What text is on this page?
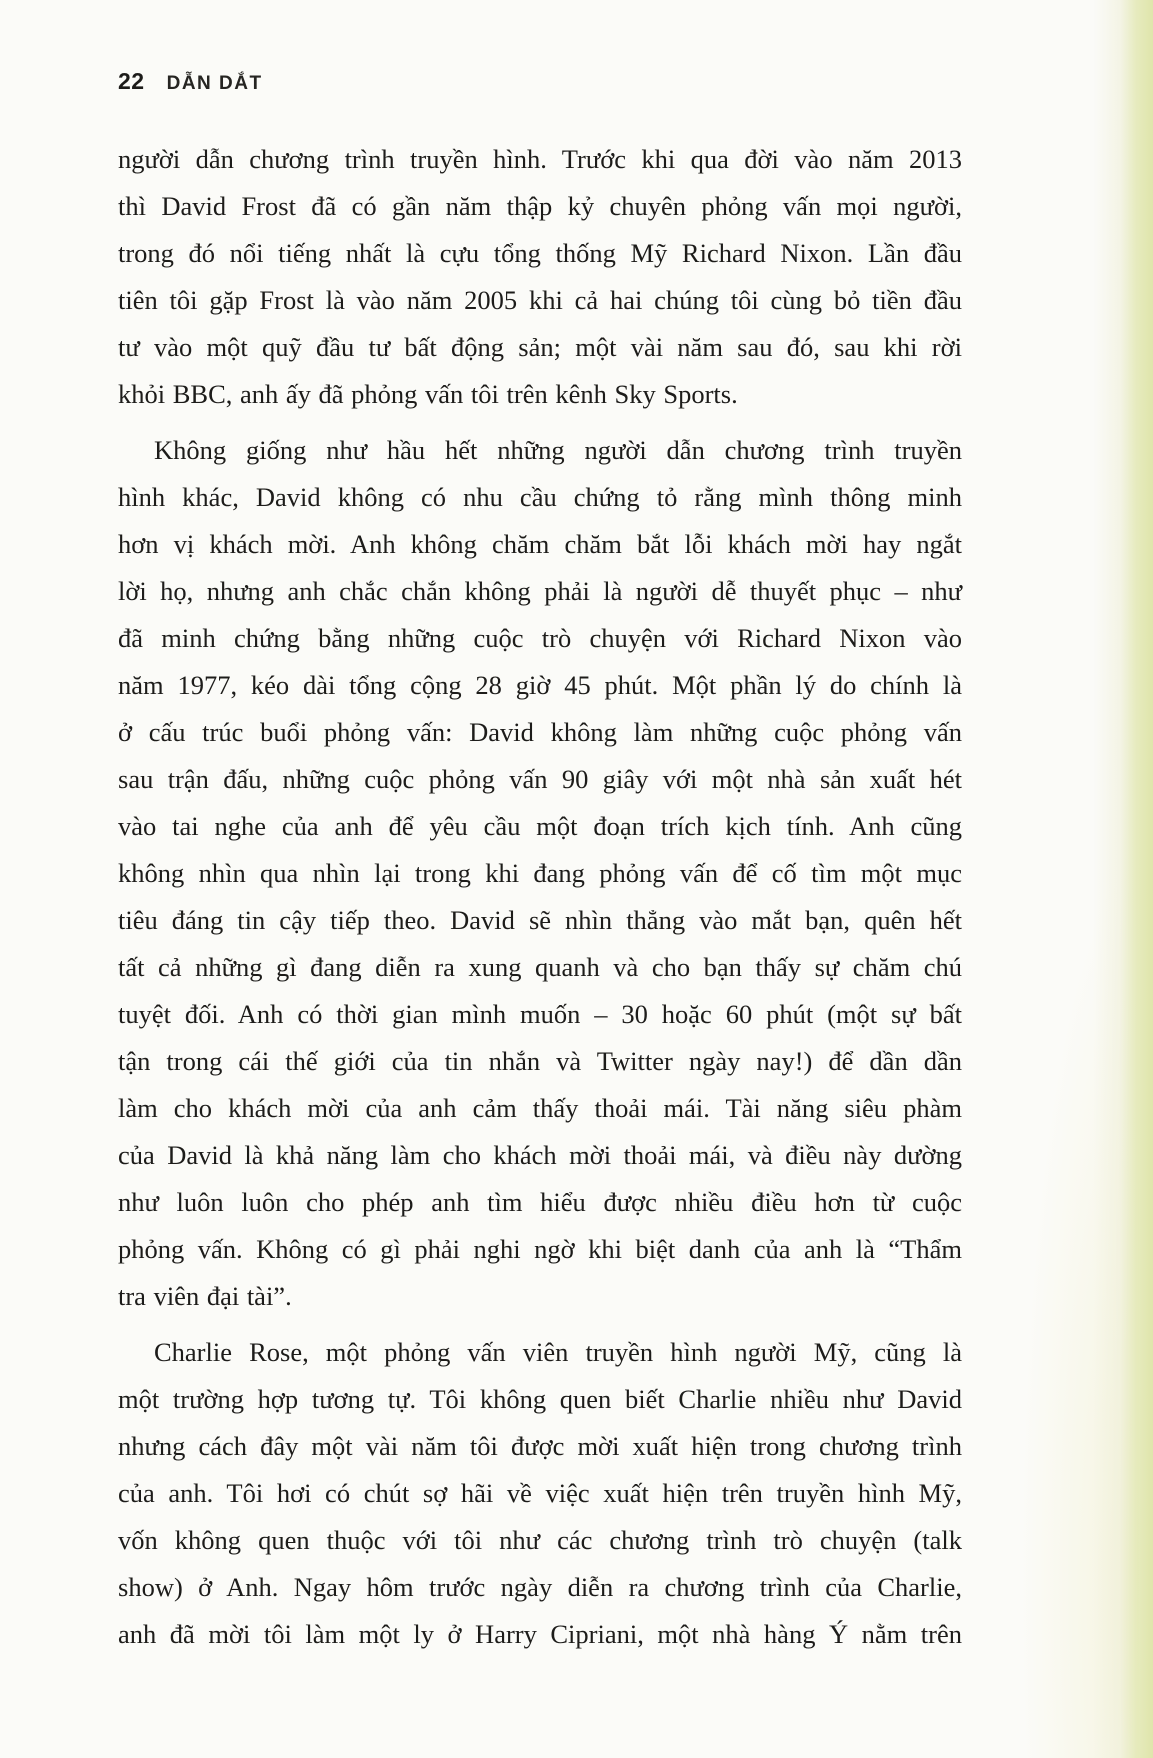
22 DẪN DẮT

người dẫn chương trình truyền hình. Trước khi qua đời vào năm 2013
thì David Frost đã có gần năm thập kỷ chuyên phỏng vấn mọi người,
trong đó nổi tiếng nhất là cựu tổng thống Mỹ Richard Nixon. Lần đầu
tiên tôi gặp Frost là vào năm 2005 khi cả hai chúng tôi cùng bỏ tiền đầu
tư vào một quỹ đầu tư bất động sản; một vài năm sau đó, sau khi rời
khỏi BBC, anh ấy đã phỏng vấn tôi trên kênh Sky Sports.

Không giống như hầu hết những người dẫn chương trình truyền
hình khác, David không có nhu cầu chứng tỏ rằng mình thông minh
hơn vị khách mời. Anh không chăm chăm bắt lỗi khách mời hay ngắt
lời họ, nhưng anh chắc chắn không phải là người dễ thuyết phục – như
đã minh chứng bằng những cuộc trò chuyện với Richard Nixon vào
năm 1977, kéo dài tổng cộng 28 giờ 45 phút. Một phần lý do chính là
ở cấu trúc buổi phỏng vấn: David không làm những cuộc phỏng vấn
sau trận đấu, những cuộc phỏng vấn 90 giây với một nhà sản xuất hét
vào tai nghe của anh để yêu cầu một đoạn trích kịch tính. Anh cũng
không nhìn qua nhìn lại trong khi đang phỏng vấn để cố tìm một mục
tiêu đáng tin cậy tiếp theo. David sẽ nhìn thẳng vào mắt bạn, quên hết
tất cả những gì đang diễn ra xung quanh và cho bạn thấy sự chăm chú
tuyệt đối. Anh có thời gian mình muốn – 30 hoặc 60 phút (một sự bất
tận trong cái thế giới của tin nhắn và Twitter ngày nay!) để dần dần
làm cho khách mời của anh cảm thấy thoải mái. Tài năng siêu phàm
của David là khả năng làm cho khách mời thoải mái, và điều này dường
như luôn luôn cho phép anh tìm hiểu được nhiều điều hơn từ cuộc
phỏng vấn. Không có gì phải nghi ngờ khi biệt danh của anh là “Thẩm
tra viên đại tài”.

Charlie Rose, một phỏng vấn viên truyền hình người Mỹ, cũng là
một trường hợp tương tự. Tôi không quen biết Charlie nhiều như David
nhưng cách đây một vài năm tôi được mời xuất hiện trong chương trình
của anh. Tôi hơi có chút sợ hãi về việc xuất hiện trên truyền hình Mỹ,
vốn không quen thuộc với tôi như các chương trình trò chuyện (talk
show) ở Anh. Ngay hôm trước ngày diễn ra chương trình của Charlie,
anh đã mời tôi làm một ly ở Harry Cipriani, một nhà hàng Ý nằm trên
